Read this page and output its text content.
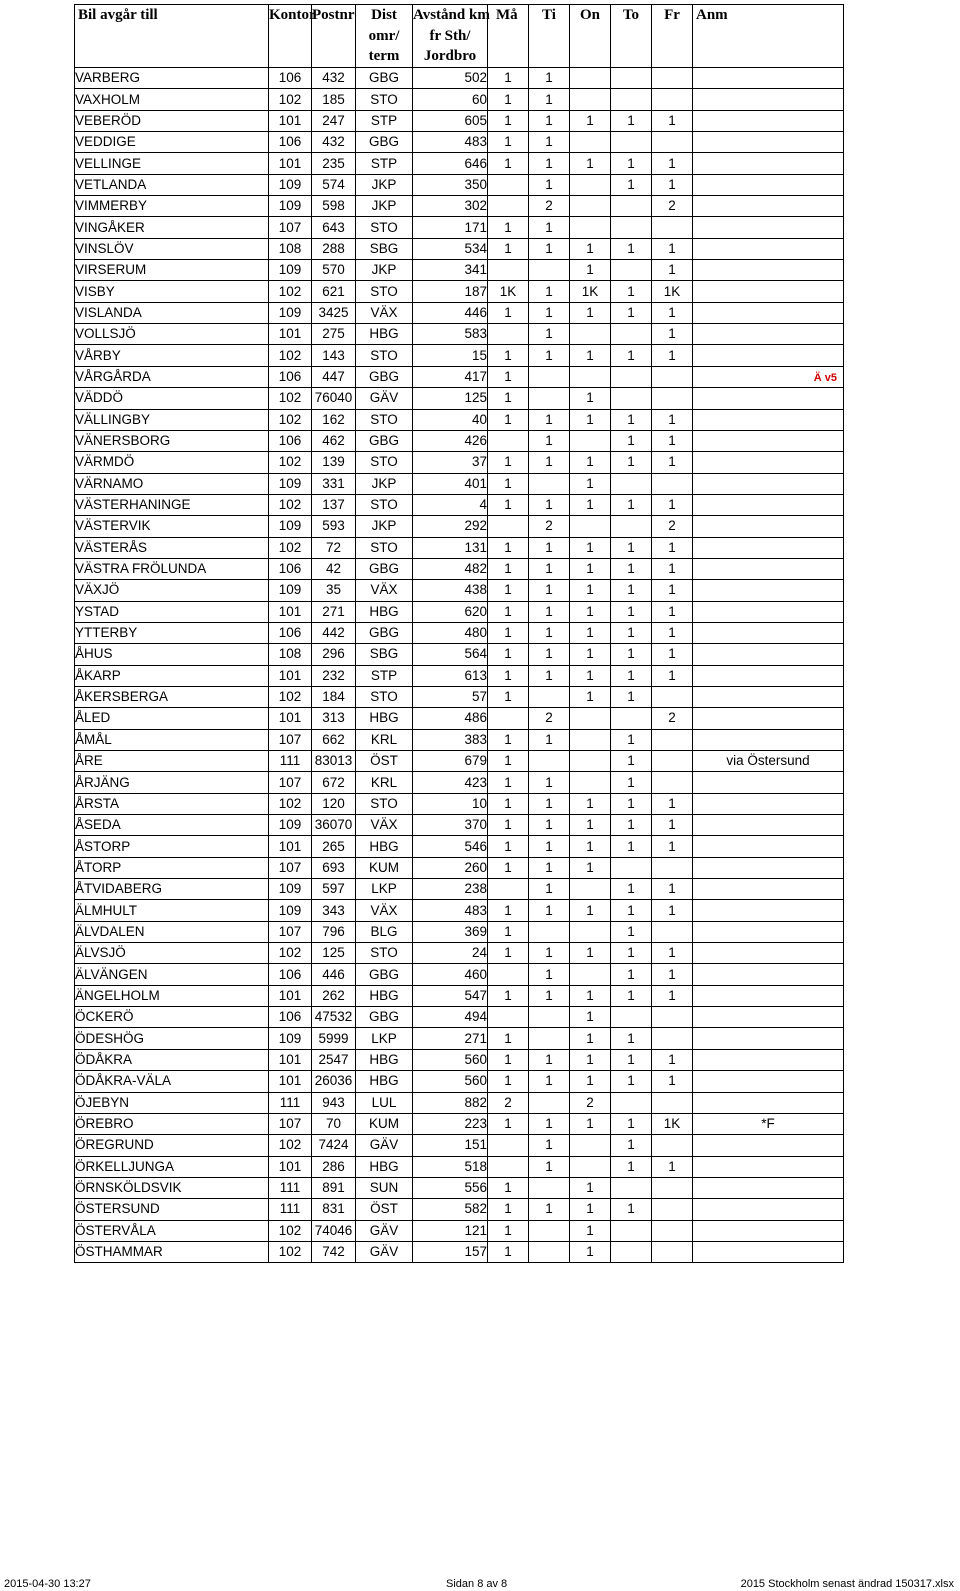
Bil avgår till	Kontor	Postnr	Dist
omr/
term	Avstånd km
fr Sth/
Jordbro	Må	Ti	On	To	Fr	Anm
VARBERG	106	432	GBG	502	1	1				
VAXHOLM	102	185	STO	60	1	1				
VEBERÖD	101	247	STP	605	1	1	1	1	1	
VEDDIGE	106	432	GBG	483	1	1				
VELLINGE	101	235	STP	646	1	1	1	1	1	
VETLANDA	109	574	JKP	350		1		1	1	
VIMMERBY	109	598	JKP	302		2			2	
VINGÅKER	107	643	STO	171	1	1				
VINSLÖV	108	288	SBG	534	1	1	1	1	1	
VIRSERUM	109	570	JKP	341			1		1	
VISBY	102	621	STO	187	1K	1	1K	1	1K	
VISLANDA	109	3425	VÄX	446	1	1	1	1	1	
VOLLSJÖ	101	275	HBG	583		1			1	
VÅRBY	102	143	STO	15	1	1	1	1	1	
VÅRGÅRDA	106	447	GBG	417	1					Ä v5

VÄDDÖ	102	76040	GÄV	125	1		1			
VÄLLINGBY	102	162	STO	40	1	1	1	1	1	
VÄNERSBORG	106	462	GBG	426		1		1	1	
VÄRMDÖ	102	139	STO	37	1	1	1	1	1	
VÄRNAMO	109	331	JKP	401	1		1			
VÄSTERHANINGE	102	137	STO	4	1	1	1	1	1	
VÄSTERVIK	109	593	JKP	292		2			2	
VÄSTERÅS	102	72	STO	131	1	1	1	1	1	
VÄSTRA FRÖLUNDA	106	42	GBG	482	1	1	1	1	1	
VÄXJÖ	109	35	VÄX	438	1	1	1	1	1	
YSTAD	101	271	HBG	620	1	1	1	1	1	
YTTERBY	106	442	GBG	480	1	1	1	1	1	
ÅHUS	108	296	SBG	564	1	1	1	1	1	
ÅKARP	101	232	STP	613	1	1	1	1	1	
ÅKERSBERGA	102	184	STO	57	1		1	1		
ÅLED	101	313	HBG	486		2			2	
ÅMÅL	107	662	KRL	383	1	1		1		
ÅRE	111	83013	ÖST	679	1			1		via Östersund
ÅRJÄNG	107	672	KRL	423	1	1		1		
ÅRSTA	102	120	STO	10	1	1	1	1	1	
ÅSEDA	109	36070	VÄX	370	1	1	1	1	1	
ÅSTORP	101	265	HBG	546	1	1	1	1	1	
ÅTORP	107	693	KUM	260	1	1	1			
ÅTVIDABERG	109	597	LKP	238		1		1	1	
ÄLMHULT	109	343	VÄX	483	1	1	1	1	1	
ÄLVDALEN	107	796	BLG	369	1			1		
ÄLVSJÖ	102	125	STO	24	1	1	1	1	1	
ÄLVÄNGEN	106	446	GBG	460		1		1	1	
ÄNGELHOLM	101	262	HBG	547	1	1	1	1	1	
ÖCKERÖ	106	47532	GBG	494			1			
ÖDESHÖG	109	5999	LKP	271	1		1	1		
ÖDÅKRA	101	2547	HBG	560	1	1	1	1	1	
ÖDÅKRA-VÄLA	101	26036	HBG	560	1	1	1	1	1	
ÖJEBYN	111	943	LUL	882	2		2			
ÖREBRO	107	70	KUM	223	1	1	1	1	1K	*F
ÖREGRUND	102	7424	GÄV	151		1		1		
ÖRKELLJUNGA	101	286	HBG	518		1		1	1	
ÖRNSKÖLDSVIK	111	891	SUN	556	1		1			
ÖSTERSUND	111	831	ÖST	582	1	1	1	1		
ÖSTERVÅLA	102	74046	GÄV	121	1		1			
ÖSTHAMMAR	102	742	GÄV	157	1		1			
2015-04-30 13:27	Sidan 8 av 8	2015 Stockholm senast ändrad 150317.xlsx
